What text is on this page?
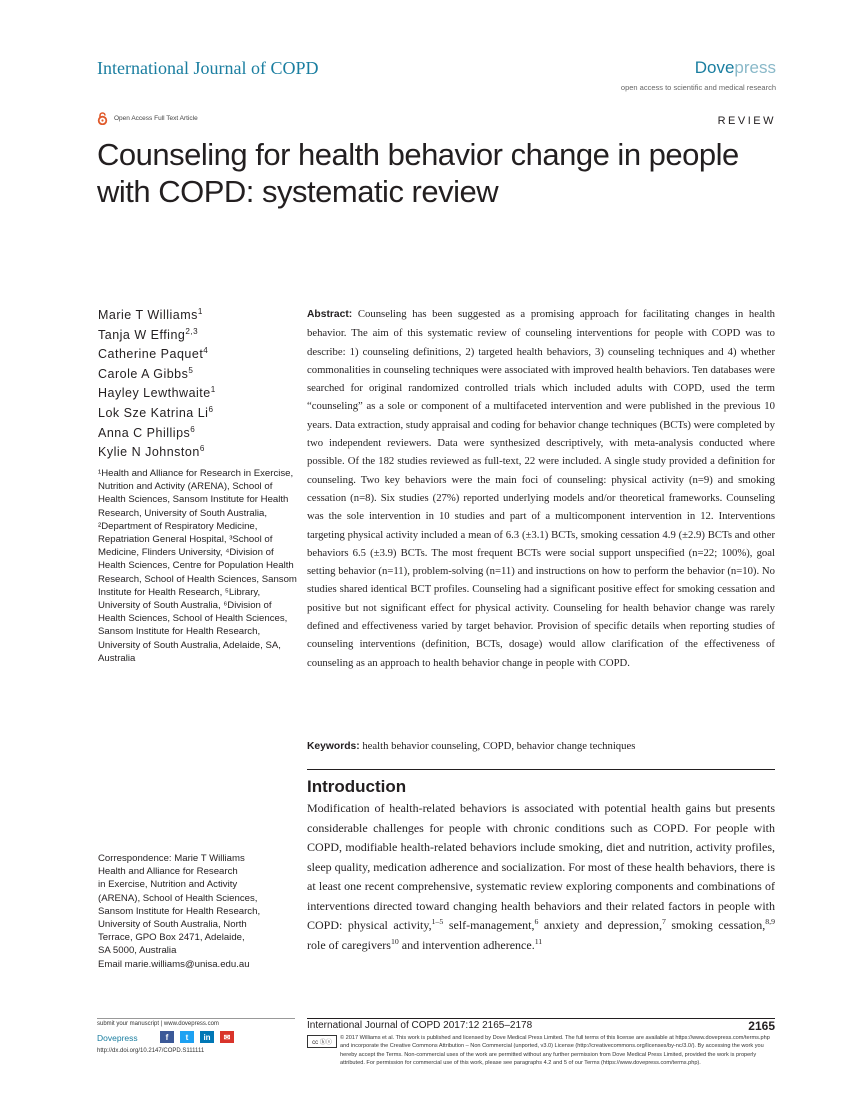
International Journal of COPD	Dovepress
open access to scientific and medical research
Open Access Full Text Article	REVIEW
Counseling for health behavior change in people with COPD: systematic review
Marie T Williams$^1$
Tanja W Effing$^{2,3}$
Catherine Paquet$^4$
Carole A Gibbs$^5$
Hayley Lewthwaite$^1$
Lok Sze Katrina Li$^6$
Anna C Phillips$^6$
Kylie N Johnston$^6$
¹Health and Alliance for Research in Exercise, Nutrition and Activity (ARENA), School of Health Sciences, Sansom Institute for Health Research, University of South Australia, ²Department of Respiratory Medicine, Repatriation General Hospital, ³School of Medicine, Flinders University, ⁴Division of Health Sciences, Centre for Population Health Research, School of Health Sciences, Sansom Institute for Health Research, ⁵Library, University of South Australia, ⁶Division of Health Sciences, School of Health Sciences, Sansom Institute for Health Research, University of South Australia, Adelaide, SA, Australia
Correspondence: Marie T Williams
Health and Alliance for Research
in Exercise, Nutrition and Activity
(ARENA), School of Health Sciences,
Sansom Institute for Health Research,
University of South Australia, North
Terrace, GPO Box 2471, Adelaide,
SA 5000, Australia
Email marie.williams@unisa.edu.au
Abstract: Counseling has been suggested as a promising approach for facilitating changes in health behavior. The aim of this systematic review of counseling interventions for people with COPD was to describe: 1) counseling definitions, 2) targeted health behaviors, 3) counseling techniques and 4) whether commonalities in counseling techniques were associated with improved health behaviors. Ten databases were searched for original randomized controlled trials which included adults with COPD, used the term “counseling” as a sole or component of a multifaceted intervention and were published in the previous 10 years. Data extraction, study appraisal and coding for behavior change techniques (BCTs) were completed by two independent reviewers. Data were synthesized descriptively, with meta-analysis conducted where possible. Of the 182 studies reviewed as full-text, 22 were included. A single study provided a definition for counseling. Two key behaviors were the main foci of counseling: physical activity (n=9) and smoking cessation (n=8). Six studies (27%) reported underlying models and/or theoretical frameworks. Counseling was the sole intervention in 10 studies and part of a multicomponent intervention in 12. Interventions targeting physical activity included a mean of 6.3 (±3.1) BCTs, smoking cessation 4.9 (±2.9) BCTs and other behaviors 6.5 (±3.9) BCTs. The most frequent BCTs were social support unspecified (n=22; 100%), goal setting behavior (n=11), problem-solving (n=11) and instructions on how to perform the behavior (n=10). No studies shared identical BCT profiles. Counseling had a significant positive effect for smoking cessation and positive but not significant effect for physical activity. Counseling for health behavior change was rarely defined and effectiveness varied by target behavior. Provision of specific details when reporting studies of counseling interventions (definition, BCTs, dosage) would allow clarification of the effectiveness of counseling as an approach to health behavior change in people with COPD.
Keywords: health behavior counseling, COPD, behavior change techniques
Introduction
Modification of health-related behaviors is associated with potential health gains but presents considerable challenges for people with chronic conditions such as COPD. For people with COPD, modifiable health-related behaviors include smoking, diet and nutrition, activity profiles, sleep quality, medication adherence and socialization. For most of these health behaviors, there is at least one recent comprehensive, systematic review exploring components and combinations of interventions directed toward changing health behaviors and their related factors in people with COPD: physical activity,$^{1-5}$ self-management,$^6$ anxiety and depression,$^7$ smoking cessation,$^{8,9}$ role of caregivers$^{10}$ and intervention adherence.$^{11}$
submit your manuscript | www.dovepress.com
Dovepress	f	t	in	✉
http://dx.doi.org/10.2147/COPD.S111111
International Journal of COPD 2017:12 2165–2178	2165
cc ⓑⓢ
© 2017 Williams et al. This work is published and licensed by Dove Medical Press Limited. The full terms of this license are available at https://www.dovepress.com/terms.php and incorporate the Creative Commons Attribution – Non Commercial (unported, v3.0) License (http://creativecommons.org/licenses/by-nc/3.0/). By accessing the work you hereby accept the Terms. Non-commercial uses of the work are permitted without any further permission from Dove Medical Press Limited, provided the work is properly attributed. For permission for commercial use of this work, please see paragraphs 4.2 and 5 of our Terms (https://www.dovepress.com/terms.php).
